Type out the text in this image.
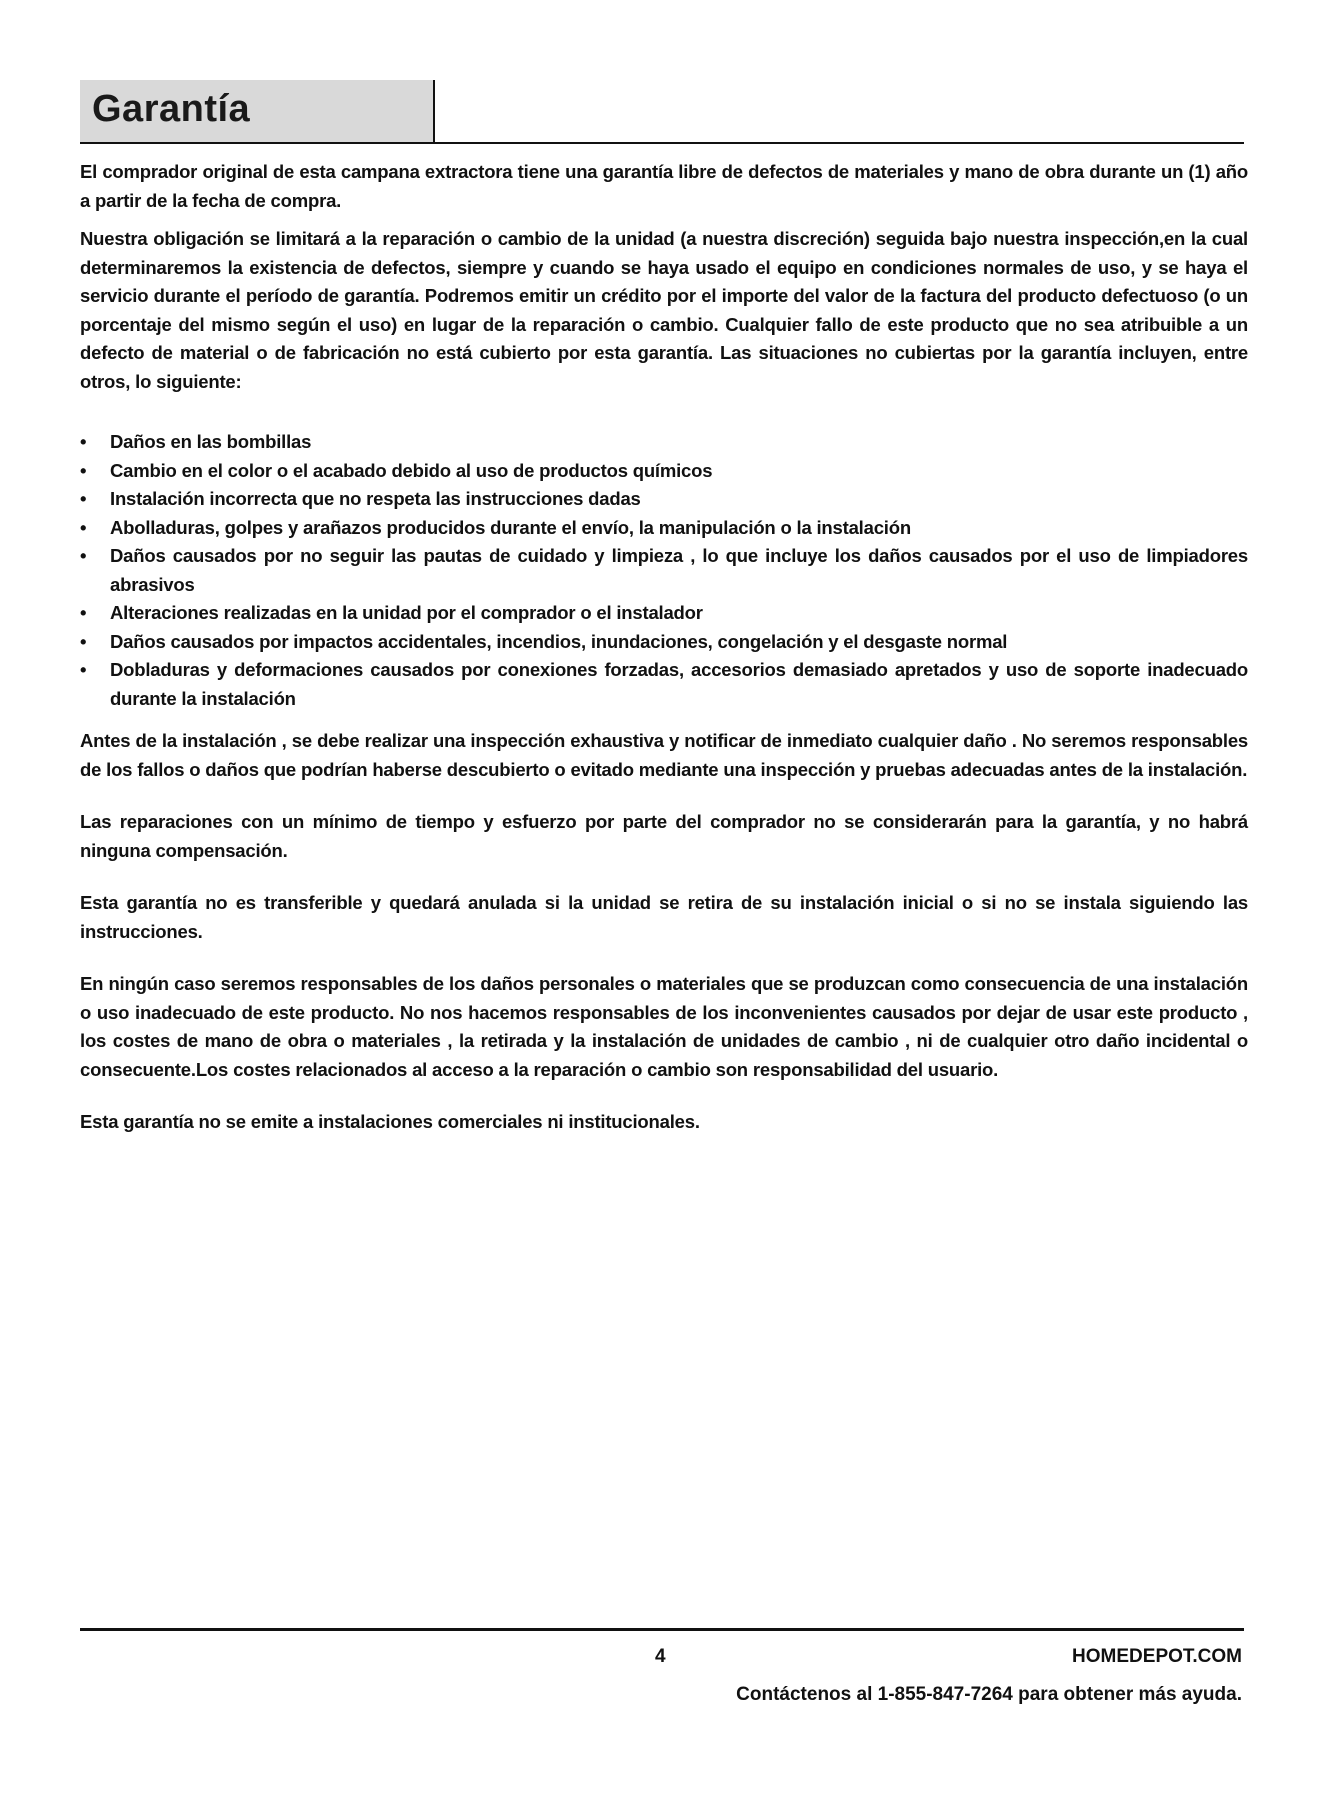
Garantía

El comprador original de esta campana extractora tiene una garantía libre de defectos de materiales y mano de obra durante un (1) año a partir de la fecha de compra.

Nuestra obligación se limitará a la reparación o cambio de la unidad (a nuestra discreción) seguida bajo nuestra inspección,en la cual determinaremos la existencia de defectos, siempre y cuando se haya usado el equipo en condiciones normales de uso, y se haya el servicio durante el período de garantía. Podremos emitir un crédito por el importe del valor de la factura del producto defectuoso (o un porcentaje del mismo según el uso) en lugar de la reparación o cambio. Cualquier fallo de este producto que no sea atribuible a un defecto de material o de fabricación no está cubierto por esta garantía. Las situaciones no cubiertas por la garantía incluyen, entre otros, lo siguiente:

• Daños en las bombillas
• Cambio en el color o el acabado debido al uso de productos químicos
• Instalación incorrecta que no respeta las instrucciones dadas
• Abolladuras, golpes y arañazos producidos durante el envío, la manipulación o la instalación
• Daños causados por no seguir las pautas de cuidado y limpieza , lo que incluye los daños causados por el uso de limpiadores abrasivos
• Alteraciones realizadas en la unidad por el comprador o el instalador
• Daños causados por impactos accidentales, incendios, inundaciones, congelación y el desgaste normal
• Dobladuras y deformaciones causados por conexiones forzadas, accesorios demasiado apretados y uso de soporte inadecuado durante la instalación

Antes de la instalación , se debe realizar una inspección exhaustiva y notificar de inmediato cualquier daño . No seremos responsables de los fallos o daños que podrían haberse descubierto o evitado mediante una inspección y pruebas adecuadas antes de la instalación.

Las reparaciones con un mínimo de tiempo y esfuerzo por parte del comprador no se considerarán para la garantía, y no habrá ninguna compensación.

Esta garantía no es transferible y quedará anulada si la unidad se retira de su instalación inicial o si no se instala siguiendo las instrucciones.

En ningún caso seremos responsables de los daños personales o materiales que se produzcan como consecuencia de una instalación o uso inadecuado de este producto. No nos hacemos responsables de los inconvenientes causados por dejar de usar este producto , los costes de mano de obra o materiales , la retirada y la instalación de unidades de cambio , ni de cualquier otro daño incidental o consecuente.Los costes relacionados al acceso a la reparación o cambio son responsabilidad del usuario.

Esta garantía no se emite a instalaciones comerciales ni institucionales.

4	HOMEDEPOT.COM
Contáctenos al 1-855-847-7264 para obtener más ayuda.
